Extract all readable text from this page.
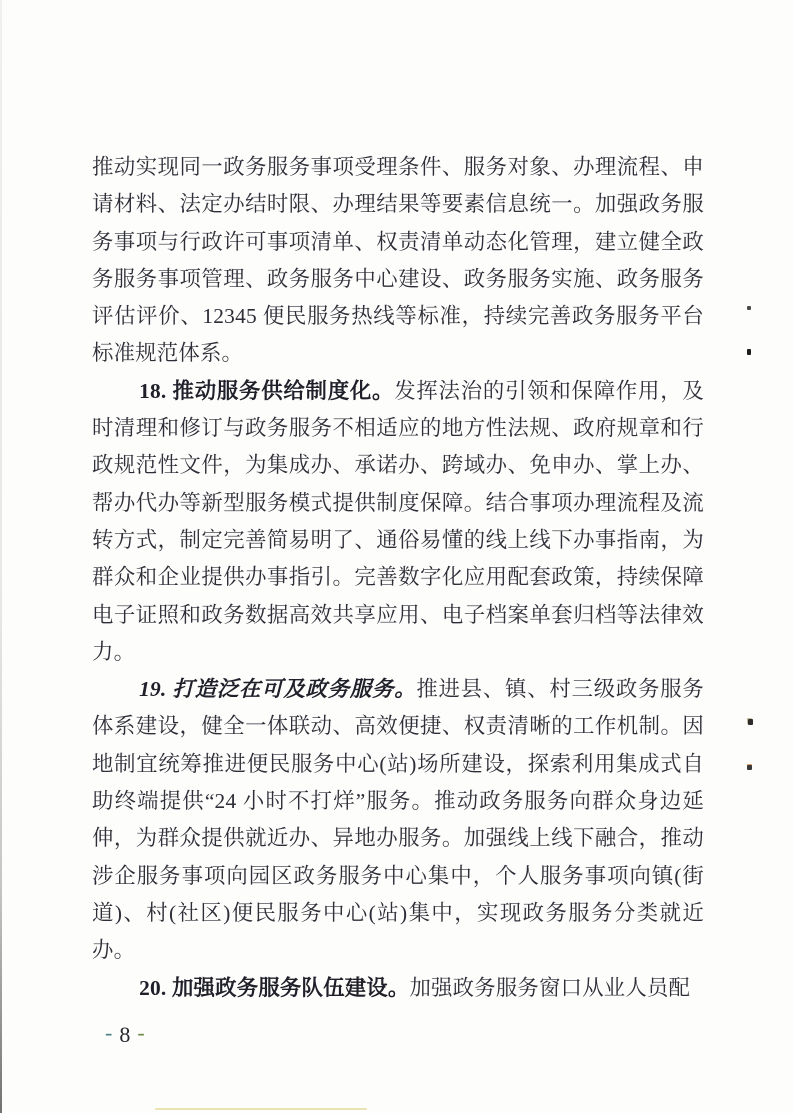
推动实现同一政务服务事项受理条件、服务对象、办理流程、申请材料、法定办结时限、办理结果等要素信息统一。加强政务服务事项与行政许可事项清单、权责清单动态化管理，建立健全政务服务事项管理、政务服务中心建设、政务服务实施、政务服务评估评价、12345 便民服务热线等标准，持续完善政务服务平台标准规范体系。

18. 推动服务供给制度化。发挥法治的引领和保障作用，及时清理和修订与政务服务不相适应的地方性法规、政府规章和行政规范性文件，为集成办、承诺办、跨域办、免申办、掌上办、帮办代办等新型服务模式提供制度保障。结合事项办理流程及流转方式，制定完善简易明了、通俗易懂的线上线下办事指南，为群众和企业提供办事指引。完善数字化应用配套政策，持续保障电子证照和政务数据高效共享应用、电子档案单套归档等法律效力。

19. 打造泛在可及政务服务。推进县、镇、村三级政务服务体系建设，健全一体联动、高效便捷、权责清晰的工作机制。因地制宜统筹推进便民服务中心(站)场所建设，探索利用集成式自助终端提供“24 小时不打烊”服务。推动政务服务向群众身边延伸，为群众提供就近办、异地办服务。加强线上线下融合，推动涉企服务事项向园区政务服务中心集中，个人服务事项向镇(街道)、村(社区)便民服务中心(站)集中，实现政务服务分类就近办。

20. 加强政务服务队伍建设。加强政务服务窗口从业人员配

- 8 -
